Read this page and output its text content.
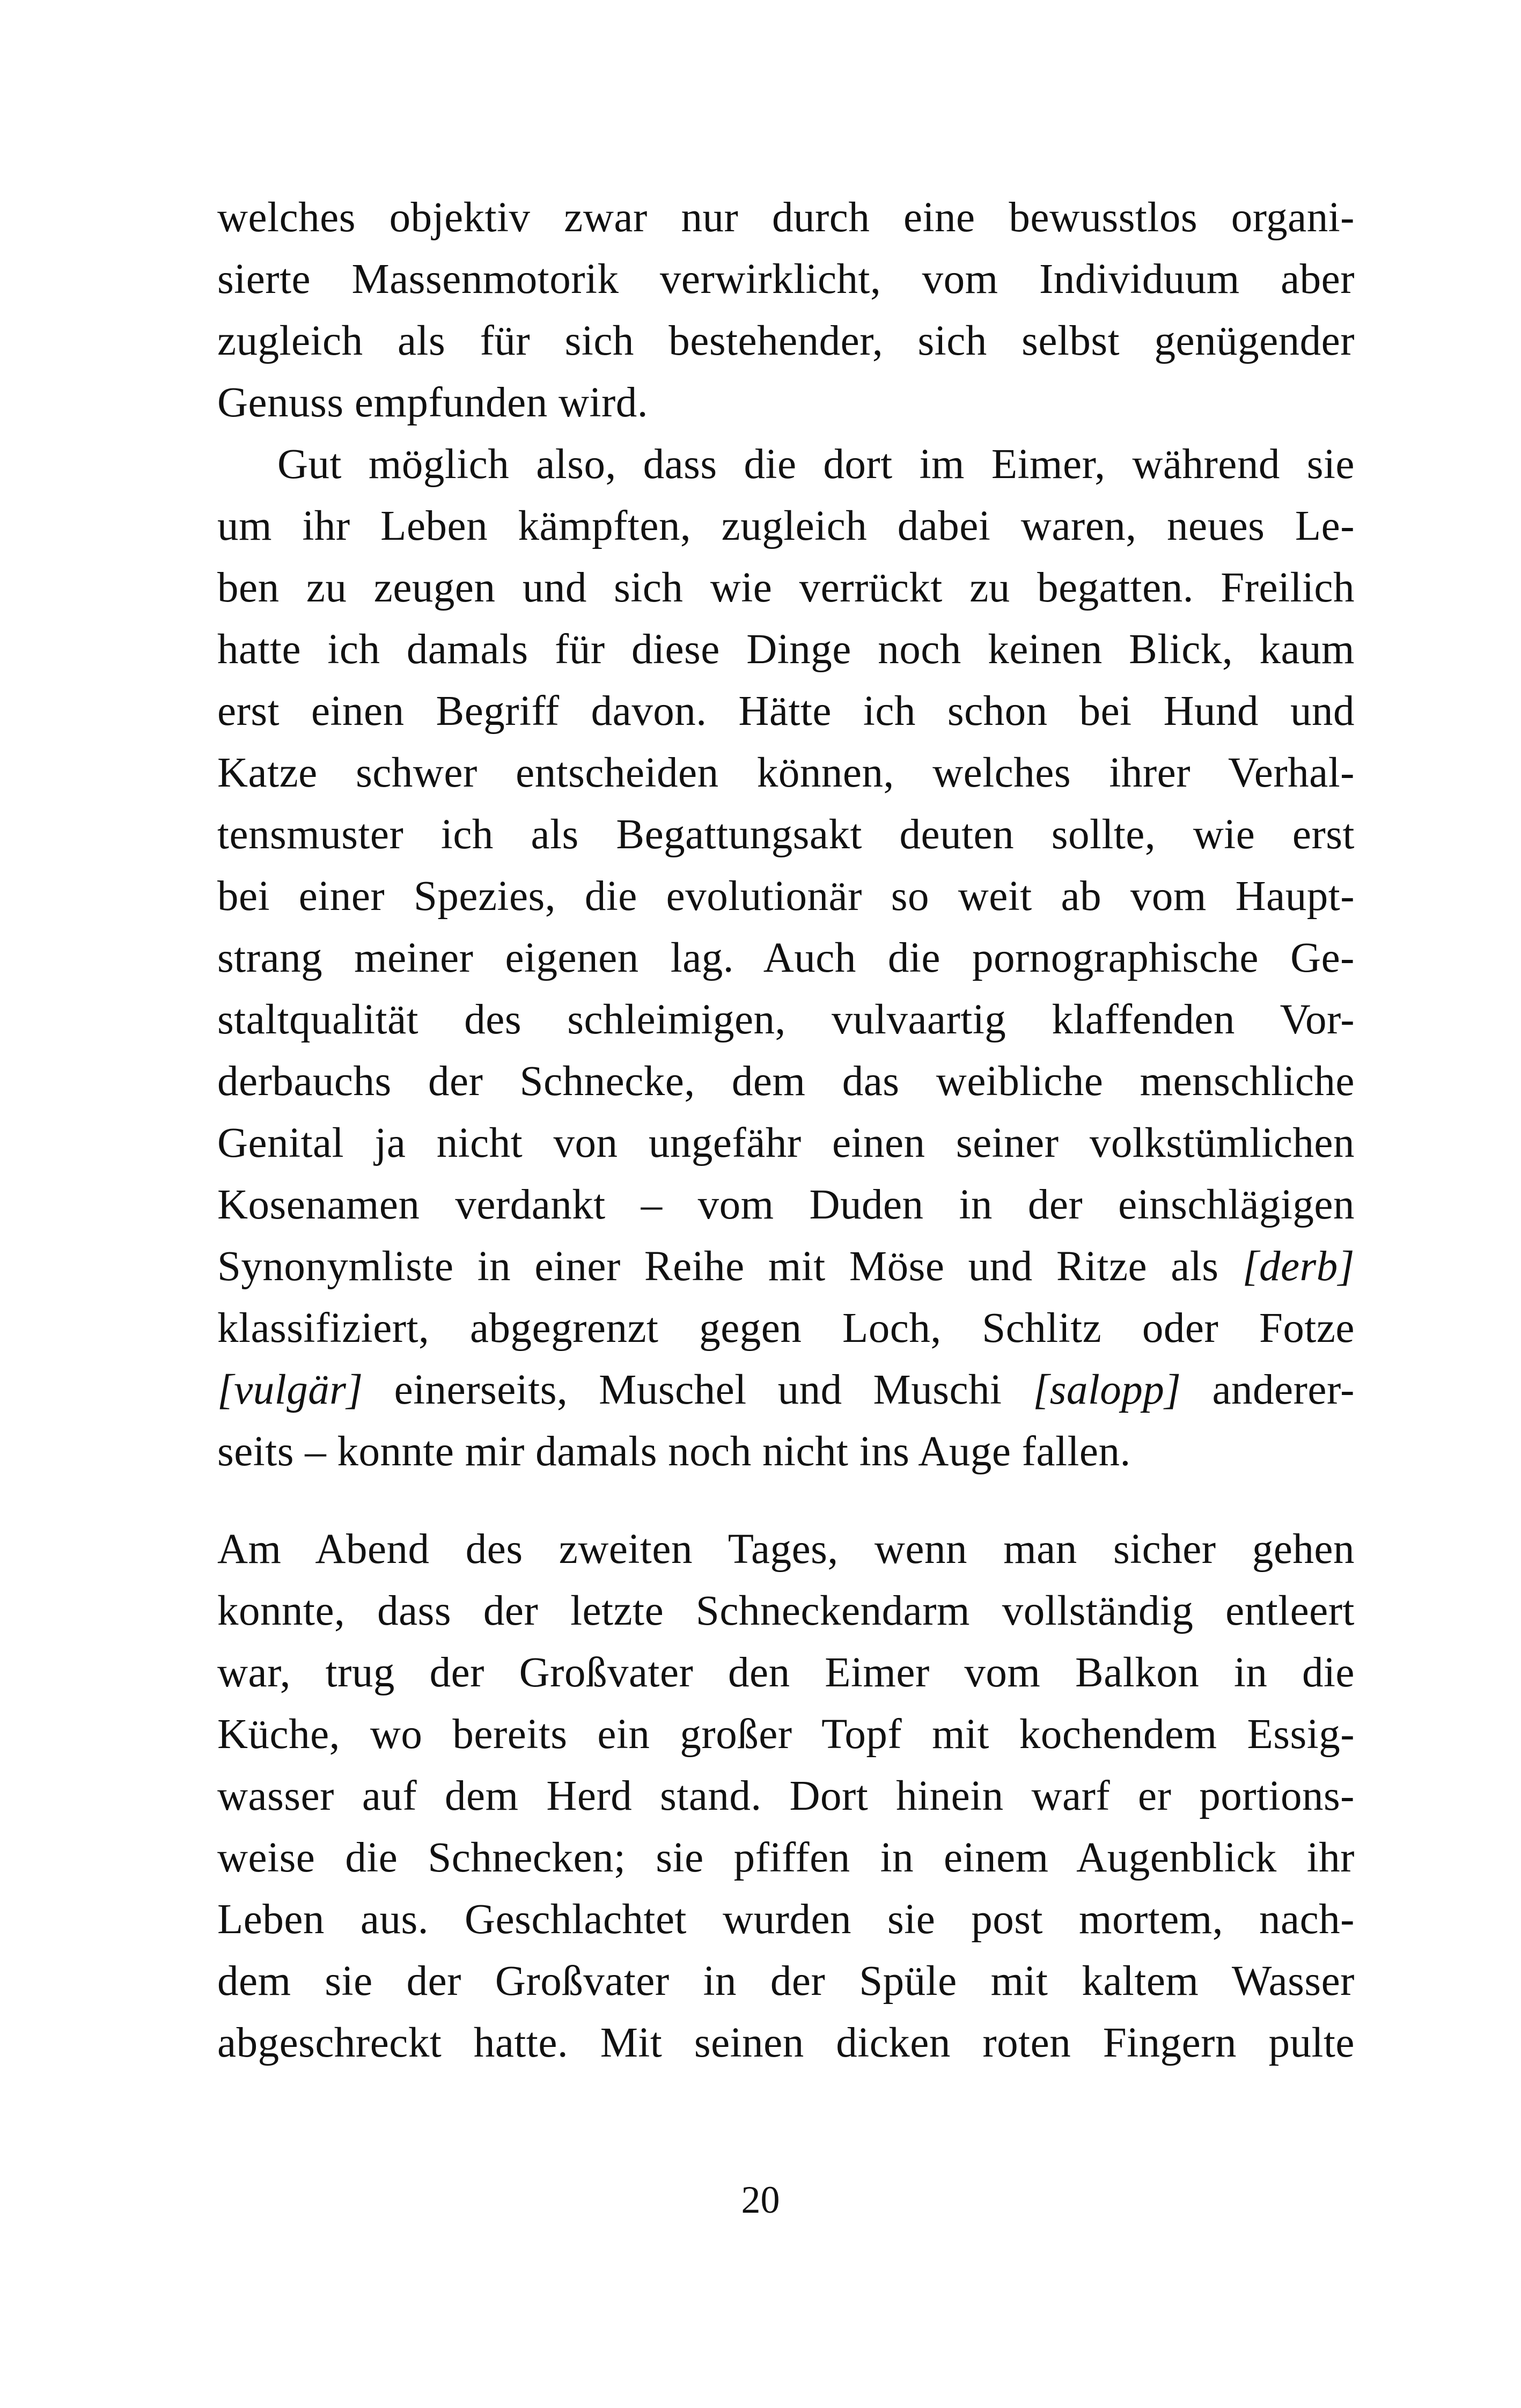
welches objektiv zwar nur durch eine bewusstlos organi-
sierte Massenmotorik verwirklicht, vom Individuum aber
zugleich als für sich bestehender, sich selbst genügender
Genuss empfunden wird.
Gut möglich also, dass die dort im Eimer, während sie
um ihr Leben kämpften, zugleich dabei waren, neues Le-
ben zu zeugen und sich wie verrückt zu begatten. Freilich
hatte ich damals für diese Dinge noch keinen Blick, kaum
erst einen Begriff davon. Hätte ich schon bei Hund und
Katze schwer entscheiden können, welches ihrer Verhal-
tensmuster ich als Begattungsakt deuten sollte, wie erst
bei einer Spezies, die evolutionär so weit ab vom Haupt-
strang meiner eigenen lag. Auch die pornographische Ge-
staltqualität des schleimigen, vulvaartig klaffenden Vor-
derbauchs der Schnecke, dem das weibliche menschliche
Genital ja nicht von ungefähr einen seiner volkstümlichen
Kosenamen verdankt – vom Duden in der einschlägigen
Synonymliste in einer Reihe mit Möse und Ritze als [derb]
klassifiziert, abgegrenzt gegen Loch, Schlitz oder Fotze
[vulgär] einerseits, Muschel und Muschi [salopp] anderer-
seits – konnte mir damals noch nicht ins Auge fallen.
Am Abend des zweiten Tages, wenn man sicher gehen
konnte, dass der letzte Schneckendarm vollständig entleert
war, trug der Großvater den Eimer vom Balkon in die
Küche, wo bereits ein großer Topf mit kochendem Essig-
wasser auf dem Herd stand. Dort hinein warf er portions-
weise die Schnecken; sie pfiffen in einem Augenblick ihr
Leben aus. Geschlachtet wurden sie post mortem, nach-
dem sie der Großvater in der Spüle mit kaltem Wasser
abgeschreckt hatte. Mit seinen dicken roten Fingern pulte
20
